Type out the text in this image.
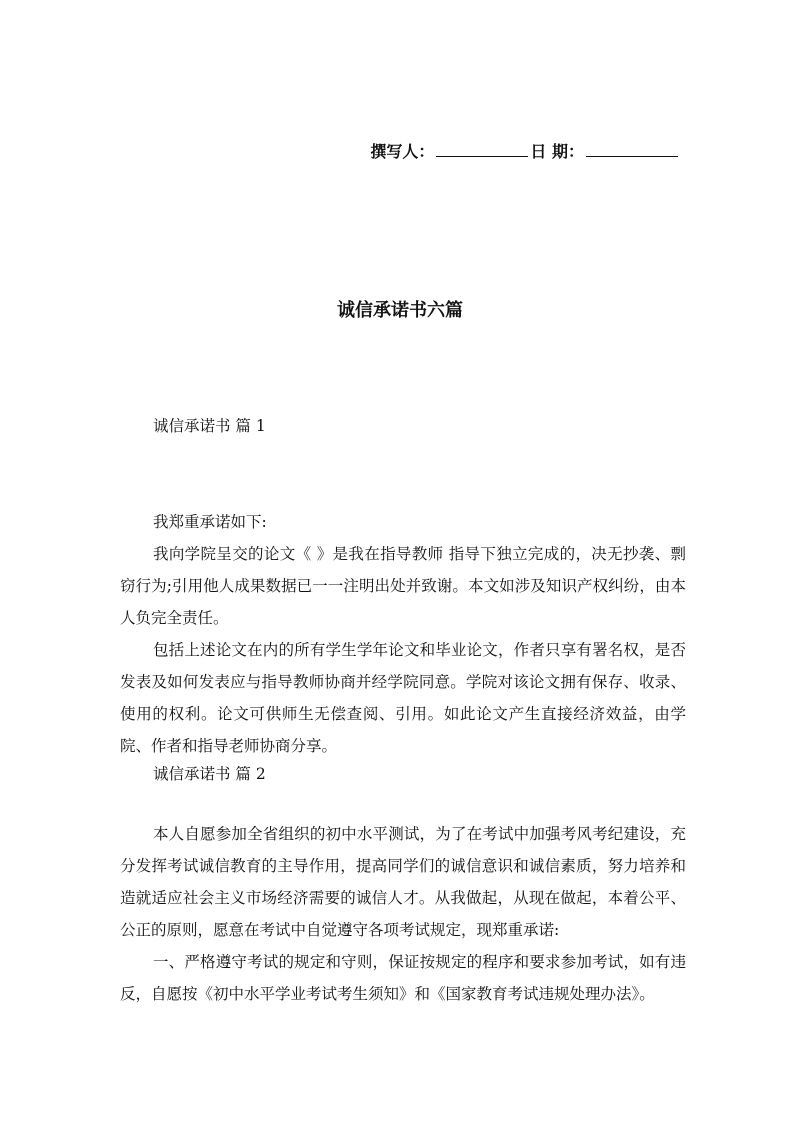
撰写人：	日 期：
诚信承诺书六篇

诚信承诺书 篇 1

我郑重承诺如下:

我向学院呈交的论文《 》是我在指导教师 指导下独立完成的，决无抄袭、剽窃行为;引用他人成果数据已一一注明出处并致谢。本文如涉及知识产权纠纷，由本人负完全责任。

包括上述论文在内的所有学生学年论文和毕业论文，作者只享有署名权，是否发表及如何发表应与指导教师协商并经学院同意。学院对该论文拥有保存、收录、使用的权利。论文可供师生无偿查阅、引用。如此论文产生直接经济效益，由学院、作者和指导老师协商分享。

诚信承诺书 篇 2

本人自愿参加全省组织的初中水平测试，为了在考试中加强考风考纪建设，充分发挥考试诚信教育的主导作用，提高同学们的诚信意识和诚信素质，努力培养和造就适应社会主义市场经济需要的诚信人才。从我做起，从现在做起，本着公平、公正的原则，愿意在考试中自觉遵守各项考试规定，现郑重承诺:

一、严格遵守考试的规定和守则，保证按规定的程序和要求参加考试，如有违反，自愿按《初中水平学业考试考生须知》和《国家教育考试违规处理办法》。
